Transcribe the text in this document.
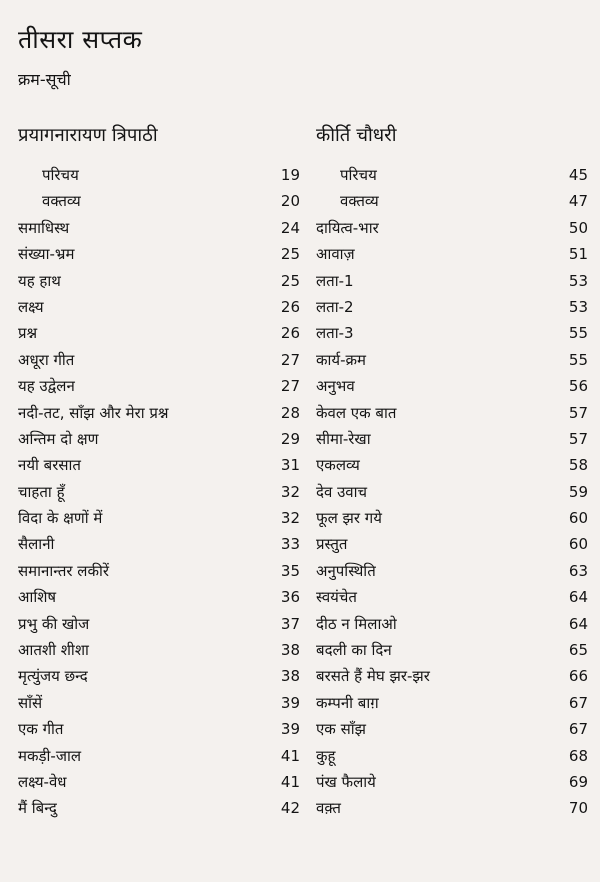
तीसरा सप्तक
क्रम-सूची
प्रयागनारायण त्रिपाठी
परिचय	19
वक्तव्य	20
समाधिस्थ	24
संख्या-भ्रम	25
यह हाथ	25
लक्ष्य	26
प्रश्न	26
अधूरा गीत	27
यह उद्वेलन	27
नदी-तट, साँझ और मेरा प्रश्न	28
अन्तिम दो क्षण	29
नयी बरसात	31
चाहता हूँ	32
विदा के क्षणों में	32
सैलानी	33
समानान्तर लकीरें	35
आशिष	36
प्रभु की खोज	37
आतशी शीशा	38
मृत्युंजय छन्द	38
साँसें	39
एक गीत	39
मकड़ी-जाल	41
लक्ष्य-वेध	41
मैं बिन्दु	42
कीर्ति चौधरी
परिचय	45
वक्तव्य	47
दायित्व-भार	50
आवाज़	51
लता-1	53
लता-2	53
लता-3	55
कार्य-क्रम	55
अनुभव	56
केवल एक बात	57
सीमा-रेखा	57
एकलव्य	58
देव उवाच	59
फूल झर गये	60
प्रस्तुत	60
अनुपस्थिति	63
स्वयंचेत	64
दीठ न मिलाओ	64
बदली का दिन	65
बरसते हैं मेघ झर-झर	66
कम्पनी बाग़	67
एक साँझ	67
कुहू	68
पंख फैलाये	69
वक़्त	70
